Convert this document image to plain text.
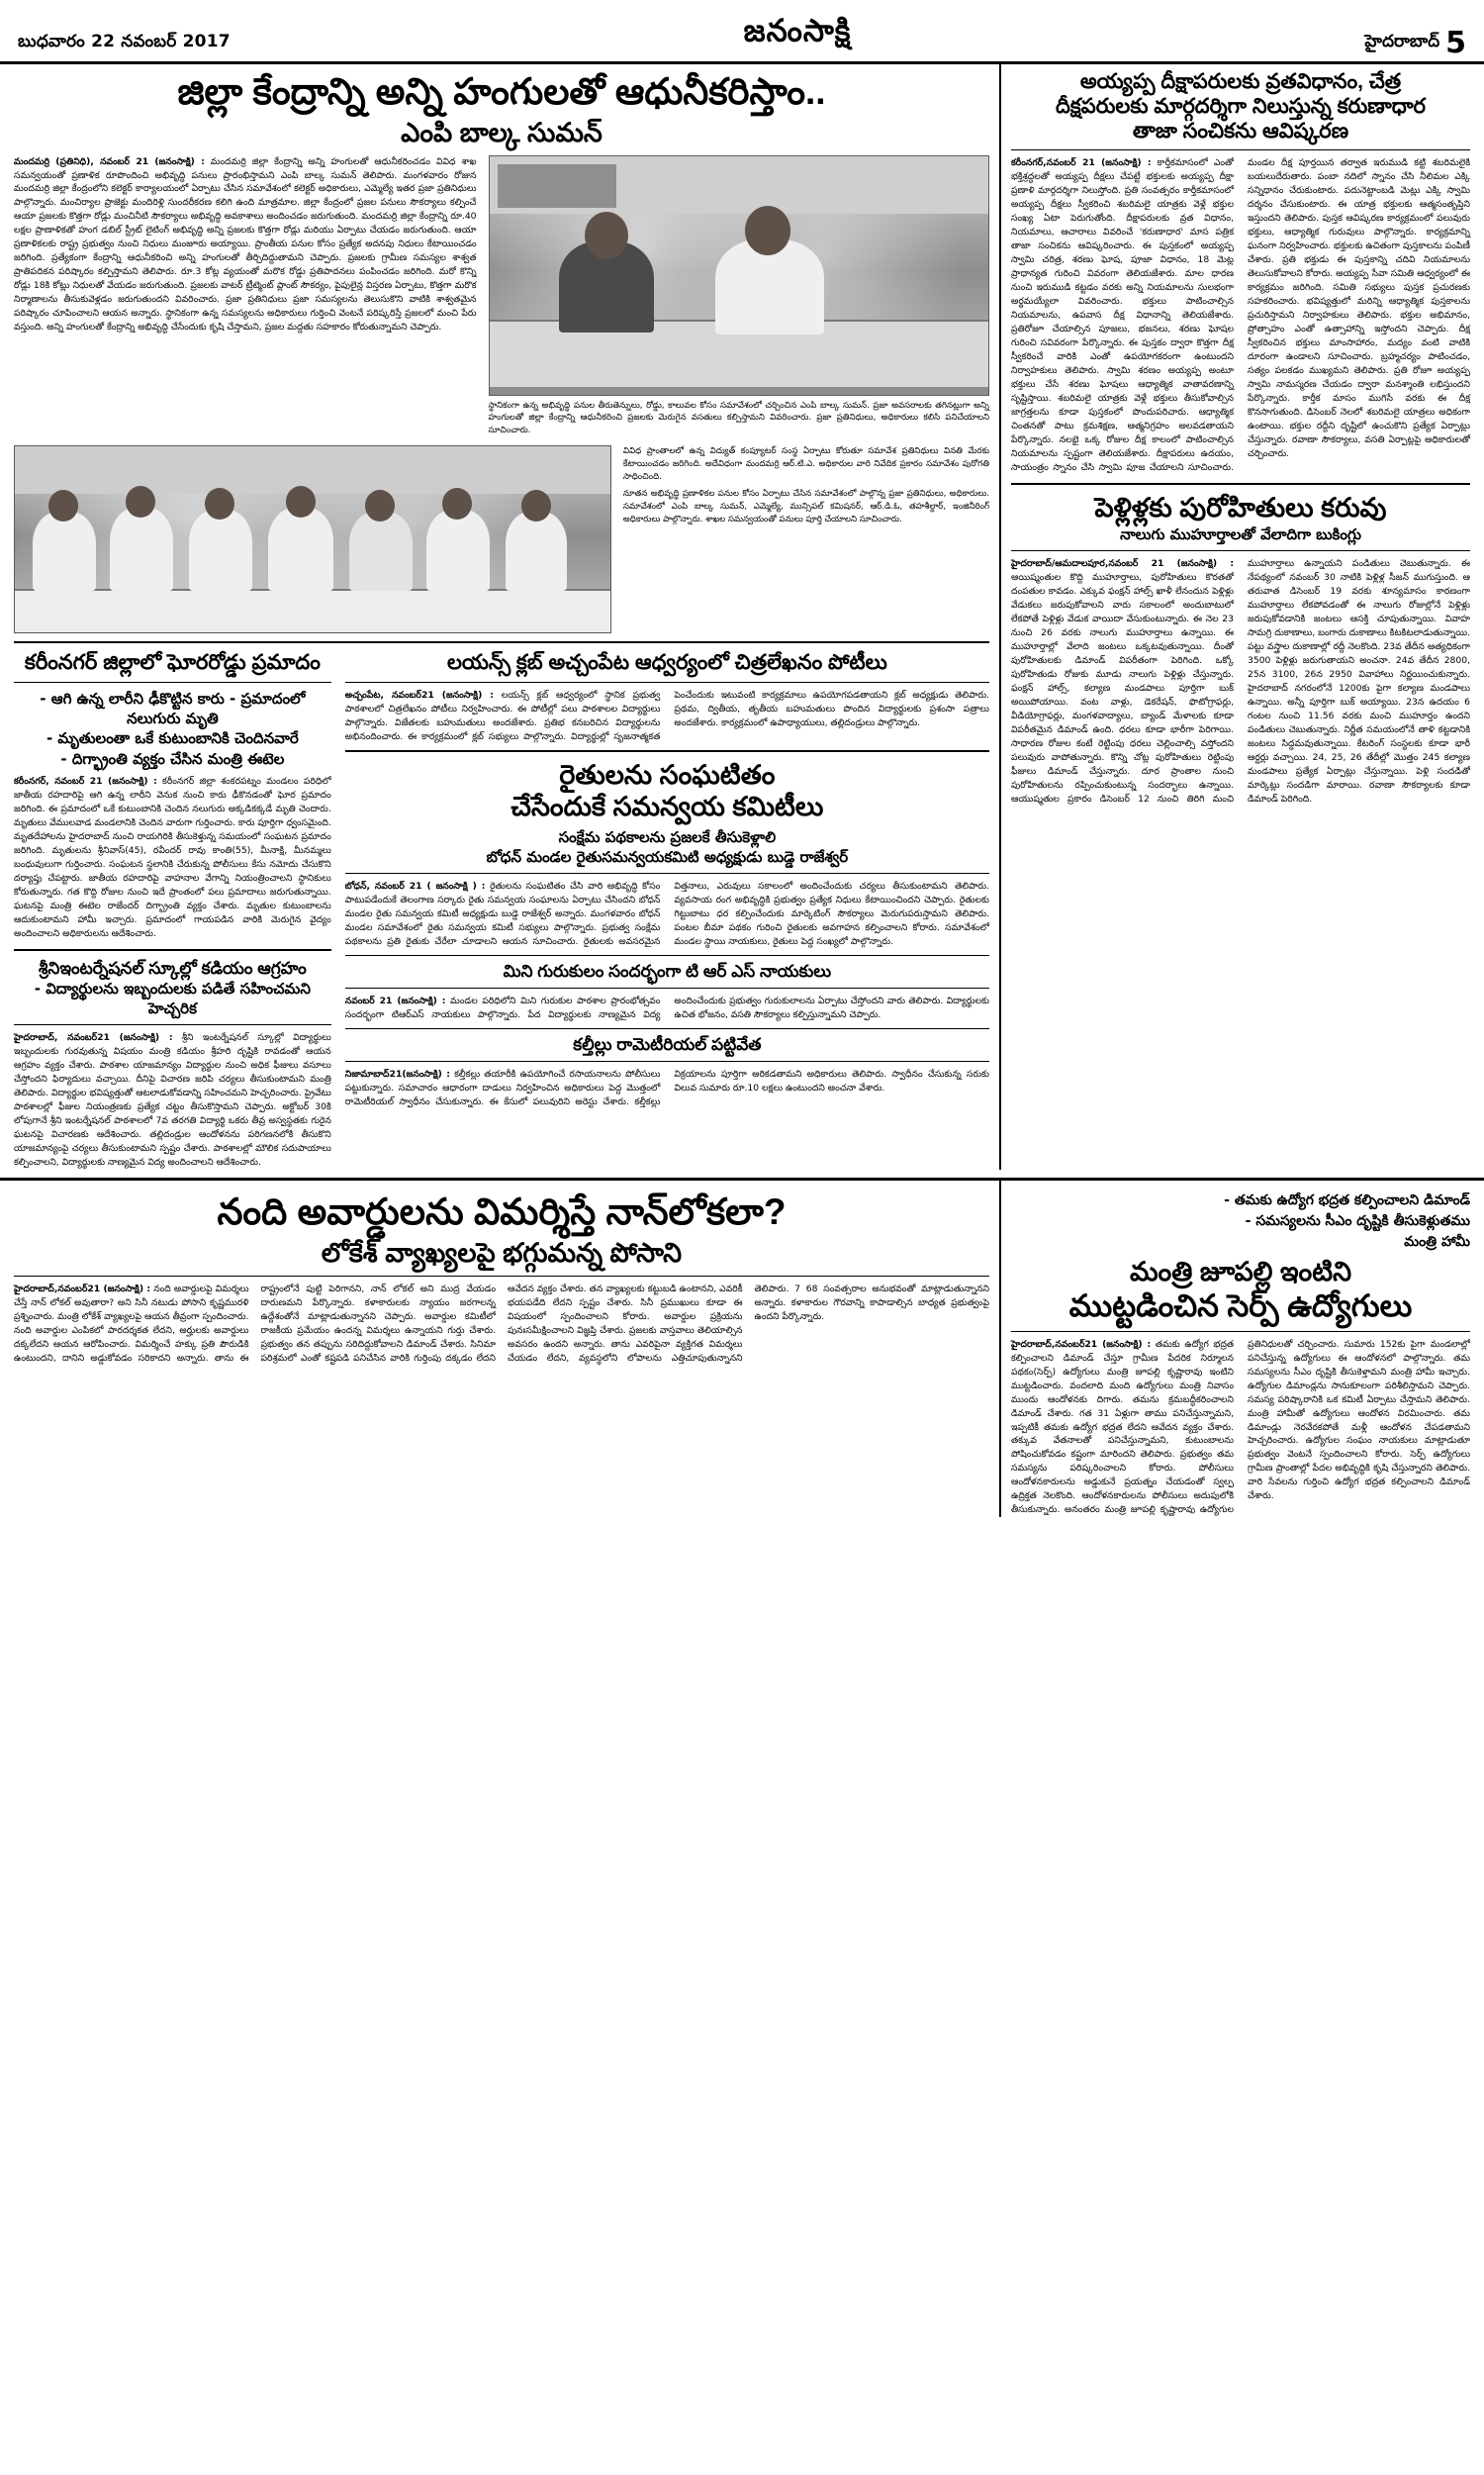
బుధవారం 22 నవంబర్ 2017	జనంసాక్షి	హైదరాబాద్ 5
జిల్లా కేంద్రాన్ని అన్ని హంగులతో ఆధునీకరిస్తాం..
ఎంపి బాల్క సుమన్
మందమర్రి (ప్రతినిధి), నవంబర్ 21 (జనంసాక్షి) : మందమర్రి జిల్లా కేంద్రాన్ని అన్ని హంగులతో ఆధునీకరించడం వివిధ శాఖ సమన్వయంతో ప్రణాళిక రూపొందించి అభివృద్ధి పనులు ప్రారంభిస్తామని ఎంపి బాల్క సుమన్ తెలిపారు. మంగళవారం రోజున మందమర్రి జిల్లా కేంద్రంలోని కలెక్టర్ కార్యాలయంలో ఏర్పాటు చేసిన సమావేశంలో కలెక్టర్ అధికారులు, ఎమ్మెల్యే ఇతర ప్రజా ప్రతినిధులు పాల్గొన్నారు. మంచిర్యాల ప్రాజెక్టు మందిరిళ్లి సుందరీకరణ కలిగి ఉంది మాత్రమాల. జిల్లా కేంద్రంలో ప్రజల పనులు సౌకర్యాలు కల్పించే ఆయా ప్రజలకు కొత్తగా రోడ్లు మంచినీటి సౌకర్యాలు అభివృద్ధి అవకాశాలు అందించడం జరుగుతుంది. మందమర్రి జిల్లా కేంద్రాన్ని రూ.40 లక్షల ప్రాణాళికతో హంగ డబిల్ స్ట్రీట్ లైటింగ్ అభివృద్ధి అన్ని ప్రజలకు కొత్తగా రోడ్లు మరియు ఏర్పాటు చేయడం జరుగుతుంది. ఆయా ప్రణాళికలకు రాష్ట్ర ప్రభుత్వం నుంచి నిధులు మంజూరు అయ్యాయి. ప్రాంతీయ పనుల కోసం ప్రత్యేక అదనపు నిధులు కేటాయించడం జరిగింది. ప్రత్యేకంగా కేంద్రాన్ని ఆధునీకరించి అన్ని హంగులతో తీర్చిదిద్దుతామని చెప్పారు. ప్రజలకు గ్రామీణ సమస్యల శాశ్వత ప్రాతిపదికన పరిష్కారం కల్పిస్తామని తెలిపారు. రూ.3 కోట్ల వ్యయంతో మరొక రోడ్డు ప్రతిపాదనలు పంపించడం జరిగింది. మరో కొన్ని రోడ్లు 18కి కోట్లు నిధులతో వేయడం జరుగుతుంది. ప్రజలకు వాటర్ ట్రీట్మెంట్ ప్లాంట్ సౌకర్యం, పైపులైన్ల విస్తరణ ఏర్పాటు, కొత్తగా మరొక నిర్మాణాలను తీసుకువెళ్లడం జరుగుతుందని వివరించారు. ప్రజా ప్రతినిధులు ప్రజా సమస్యలను తెలుసుకొని వాటికి శాశ్వతమైన పరిష్కారం చూపించాలని ఆయన అన్నారు. స్థానికంగా ఉన్న సమస్యలను అధికారులు గుర్తించి వెంటనే పరిష్కరిస్తే ప్రజలలో మంచి పేరు వస్తుంది. అన్ని హంగులతో కేంద్రాన్ని అభివృద్ధి చేసేందుకు కృషి చేస్తామని, ప్రజల మద్దతు సహకారం కోరుతున్నామని చెప్పారు.
స్థానికంగా ఉన్న అభివృద్ధి పనుల తీరుతెన్నులు, రోడ్డు, కాలువల కోసం సమావేశంలో చర్చించిన ఎంపి బాల్క సుమన్. ప్రజా అవసరాలకు తగినట్లుగా అన్ని హంగులతో జిల్లా కేంద్రాన్ని ఆధునీకరించి ప్రజలకు మెరుగైన వసతులు కల్పిస్తామని వివరించారు. ప్రజా ప్రతినిధులు, అధికారులు కలిసి పనిచేయాలని సూచించారు.
వివిధ ప్రాంతాలలో ఉన్న విద్యుత్ కంప్యూటర్ సంస్థ ఏర్పాటు కోరుతూ సమావేశ ప్రతినిధులు వినతి మేరకు కేటాయించడం జరిగింది. అదేవిధంగా మందమర్రి ఆర్.టి.ఎ. అధికారుల వారి నివేదిక ప్రకారం సమావేశం పురోగతి సాధించింది.
నూతన అభివృద్ధి ప్రణాళికల పనుల కోసం ఏర్పాటు చేసిన సమావేశంలో పాల్గొన్న ప్రజా ప్రతినిధులు, అధికారులు. సమావేశంలో ఎంపి బాల్క సుమన్, ఎమ్మెల్యే, మున్సిపల్ కమిషనర్, ఆర్.డి.ఓ, తహశీల్దార్, ఇంజినీరింగ్ అధికారులు పాల్గొన్నారు. శాఖల సమన్వయంతో పనులు పూర్తి చేయాలని సూచించారు.
కరీంనగర్ జిల్లాలో ఘోరరోడ్డు ప్రమాదం
- ఆగి ఉన్న లారీని ఢీకొట్టిన కారు - ప్రమాదంలో నలుగురు మృతి
- మృతులంతా ఒకే కుటుంబానికి చెందినవారే
- దిగ్భ్రాంతి వ్యక్తం చేసిన మంత్రి ఈటెల
కరీంనగర్, నవంబర్ 21 (జనంసాక్షి) : కరీంనగర్ జిల్లా శంకరపట్నం మండలం పరిధిలో జాతీయ రహదారిపై ఆగి ఉన్న లారీని వెనుక నుంచి కారు ఢీకొనడంతో ఘోర ప్రమాదం జరిగింది. ఈ ప్రమాదంలో ఒకే కుటుంబానికి చెందిన నలుగురు అక్కడికక్కడే మృతి చెందారు. మృతులు వేములవాడ మండలానికి చెందిన వారుగా గుర్తించారు. కారు పూర్తిగా ధ్వంసమైంది. మృతదేహాలను హైదరాబాద్ నుంచి రాయగిరికి తీసుకెళ్తున్న సమయంలో సంఘటన ప్రమాదం జరిగింది. మృతులను శ్రీనివాస్(45), రవీందర్ రావు కాంతి(55), మీనాక్షి, మీనమ్మలు బంధువులుగా గుర్తించారు. సంఘటన స్థలానికి చేరుకున్న పోలీసులు కేసు నమోదు చేసుకొని దర్యాప్తు చేపట్టారు. జాతీయ రహదారిపై వాహనాల వేగాన్ని నియంత్రించాలని స్థానికులు కోరుతున్నారు. గత కొద్ది రోజుల నుంచి ఇదే ప్రాంతంలో పలు ప్రమాదాలు జరుగుతున్నాయి. ఘటనపై మంత్రి ఈటెల రాజేందర్ దిగ్భ్రాంతి వ్యక్తం చేశారు. మృతుల కుటుంబాలను ఆదుకుంటామని హామీ ఇచ్చారు. ప్రమాదంలో గాయపడిన వారికి మెరుగైన వైద్యం అందించాలని అధికారులను ఆదేశించారు.
శ్రీనిఇంటర్నేషనల్ స్కూల్లో కడియం ఆగ్రహం
- విద్యార్థులను ఇబ్బందులకు పడితే సహించమని హెచ్చరిక
హైదరాబాద్, నవంబర్21 (జనంసాక్షి) : శ్రీని ఇంటర్నేషనల్ స్కూల్లో విద్యార్థులు ఇబ్బందులకు గురవుతున్న విషయం మంత్రి కడియం శ్రీహరి దృష్టికి రావడంతో ఆయన ఆగ్రహం వ్యక్తం చేశారు. పాఠశాల యాజమాన్యం విద్యార్థుల నుంచి అధిక ఫీజులు వసూలు చేస్తోందని ఫిర్యాదులు వచ్చాయి. దీనిపై విచారణ జరిపి చర్యలు తీసుకుంటామని మంత్రి తెలిపారు. విద్యార్థుల భవిష్యత్తుతో ఆటలాడుకోవడాన్ని సహించమని హెచ్చరించారు. ప్రైవేటు పాఠశాలల్లో ఫీజుల నియంత్రణకు ప్రత్యేక చట్టం తీసుకొస్తామని చెప్పారు. అక్టోబర్ 30కి లోపుగానే శ్రీని ఇంటర్నేషనల్ పాఠశాలలో 7వ తరగతి విద్యార్థి ఒకరు తీవ్ర అస్వస్థతకు గురైన ఘటనపై విచారణకు ఆదేశించారు. తల్లిదండ్రుల ఆందోళనను పరిగణనలోకి తీసుకొని యాజమాన్యంపై చర్యలు తీసుకుంటామని స్పష్టం చేశారు. పాఠశాలల్లో మౌలిక సదుపాయాలు కల్పించాలని, విద్యార్థులకు నాణ్యమైన విద్య అందించాలని ఆదేశించారు.
లయన్స్ క్లబ్ అచ్చంపేట ఆధ్వర్యంలో చిత్రలేఖనం పోటీలు
అచ్చంపేట, నవంబర్21 (జనంసాక్షి) : లయన్స్ క్లబ్ ఆధ్వర్యంలో స్థానిక ప్రభుత్వ పాఠశాలలో చిత్రలేఖనం పోటీలు నిర్వహించారు. ఈ పోటీల్లో పలు పాఠశాలల విద్యార్థులు పాల్గొన్నారు. విజేతలకు బహుమతులు అందజేశారు. ప్రతిభ కనబరిచిన విద్యార్థులను అభినందించారు. ఈ కార్యక్రమంలో క్లబ్ సభ్యులు పాల్గొన్నారు. విద్యార్థుల్లో సృజనాత్మకత పెంచేందుకు ఇటువంటి కార్యక్రమాలు ఉపయోగపడతాయని క్లబ్ అధ్యక్షుడు తెలిపారు. ప్రథమ, ద్వితీయ, తృతీయ బహుమతులు పొందిన విద్యార్థులకు ప్రశంసా పత్రాలు అందజేశారు. కార్యక్రమంలో ఉపాధ్యాయులు, తల్లిదండ్రులు పాల్గొన్నారు.
రైతులను సంఘటితం
చేసేందుకే సమన్వయ కమిటీలు
సంక్షేమ పథకాలను ప్రజలకే తీసుకెళ్లాలి
బోధన్ మండల రైతుసమన్వయకమిటి అధ్యక్షుడు బుడ్డె రాజేశ్వర్
బోధన్, నవంబర్ 21 ( జనంసాక్షి ) : రైతులను సంఘటితం చేసి వారి అభివృద్ధి కోసం పాటుపడేందుకే తెలంగాణ సర్కారు రైతు సమన్వయ సంఘాలను ఏర్పాటు చేసిందని బోధన్ మండల రైతు సమన్వయ కమిటీ అధ్యక్షుడు బుడ్డె రాజేశ్వర్ అన్నారు. మంగళవారం బోధన్ మండల సమావేశంలో రైతు సమన్వయ కమిటీ సభ్యులు పాల్గొన్నారు. ప్రభుత్వ సంక్షేమ పథకాలను ప్రతి రైతుకు చేరేలా చూడాలని ఆయన సూచించారు. రైతులకు అవసరమైన విత్తనాలు, ఎరువులు సకాలంలో అందించేందుకు చర్యలు తీసుకుంటామని తెలిపారు. వ్యవసాయ రంగ అభివృద్ధికి ప్రభుత్వం ప్రత్యేక నిధులు కేటాయించిందని చెప్పారు. రైతులకు గిట్టుబాటు ధర కల్పించేందుకు మార్కెటింగ్ సౌకర్యాలు మెరుగుపరుస్తామని తెలిపారు. పంటల బీమా పథకం గురించి రైతులకు అవగాహన కల్పించాలని కోరారు. సమావేశంలో మండల స్థాయి నాయకులు, రైతులు పెద్ద సంఖ్యలో పాల్గొన్నారు.
మిని గురుకులం సందర్భంగా టి ఆర్ ఎస్ నాయకులు
నవంబర్ 21 (జనంసాక్షి) : మండల పరిధిలోని మిని గురుకుల పాఠశాల ప్రారంభోత్సవం సందర్భంగా టిఆర్ఎస్ నాయకులు పాల్గొన్నారు. పేద విద్యార్థులకు నాణ్యమైన విద్య అందించేందుకు ప్రభుత్వం గురుకులాలను ఏర్పాటు చేస్తోందని వారు తెలిపారు. విద్యార్థులకు ఉచిత భోజనం, వసతి సౌకర్యాలు కల్పిస్తున్నామని చెప్పారు.
కల్తీల్లు రామెటీరియల్ పట్టివేత
నిజామాబాద్21(జనంసాక్షి) : కల్తీకల్లు తయారీకి ఉపయోగించే రసాయనాలను పోలీసులు పట్టుకున్నారు. సమాచారం ఆధారంగా దాడులు నిర్వహించిన అధికారులు పెద్ద మొత్తంలో రామెటీరియల్ స్వాధీనం చేసుకున్నారు. ఈ కేసులో పలువురిని అరెస్టు చేశారు. కల్తీకల్లు విక్రయాలను పూర్తిగా అరికడతామని అధికారులు తెలిపారు. స్వాధీనం చేసుకున్న సరుకు విలువ సుమారు రూ.10 లక్షలు ఉంటుందని అంచనా వేశారు.
అయ్యప్ప దీక్షాపరులకు వ్రతవిధానం, చేత్ర
దీక్షపరులకు మార్గదర్శిగా నిలుస్తున్న కరుణాధార
తాజా సంచికను ఆవిష్కరణ
కరీంనగర్,నవంబర్ 21 (జనంసాక్షి) : కార్తీకమాసంలో ఎంతో భక్తిశ్రద్ధలతో అయ్యప్ప దీక్షలు చేపట్టే భక్తులకు అయ్యప్ప దీక్షా ప్రణాళి మార్గదర్శిగా నిలుస్తోంది. ప్రతి సంవత్సరం కార్తీకమాసంలో అయ్యప్ప దీక్షలు స్వీకరించి శబరిమలై యాత్రకు వెళ్లే భక్తుల సంఖ్య ఏటా పెరుగుతోంది. దీక్షాపరులకు వ్రత విధానం, నియమాలు, ఆచారాలు వివరించే 'కరుణాధార' మాస పత్రిక తాజా సంచికను ఆవిష్కరించారు. ఈ పుస్తకంలో అయ్యప్ప స్వామి చరిత్ర, శరణు ఘోష, పూజా విధానం, 18 మెట్ల ప్రాధాన్యత గురించి వివరంగా తెలియజేశారు. మాల ధారణ నుంచి ఇరుముడి కట్టడం వరకు అన్ని నియమాలను సులభంగా అర్థమయ్యేలా వివరించారు. భక్తులు పాటించాల్సిన నియమాలను, ఉపవాస దీక్ష విధానాన్ని తెలియజేశారు. ప్రతిరోజూ చేయాల్సిన పూజలు, భజనలు, శరణు ఘోషల గురించి సవివరంగా పేర్కొన్నారు. ఈ పుస్తకం ద్వారా కొత్తగా దీక్ష స్వీకరించే వారికి ఎంతో ఉపయోగకరంగా ఉంటుందని నిర్వాహకులు తెలిపారు. స్వామి శరణం అయ్యప్ప అంటూ భక్తులు చేసే శరణు ఘోషలు ఆధ్యాత్మిక వాతావరణాన్ని సృష్టిస్తాయి. శబరిమలై యాత్రకు వెళ్లే భక్తులు తీసుకోవాల్సిన జాగ్రత్తలను కూడా పుస్తకంలో పొందుపరిచారు. ఆధ్యాత్మిక చింతనతో పాటు క్రమశిక్షణ, ఆత్మనిగ్రహం అలవడతాయని పేర్కొన్నారు. నలభై ఒక్క రోజుల దీక్ష కాలంలో పాటించాల్సిన నియమాలను స్పష్టంగా తెలియజేశారు. దీక్షాపరులు ఉదయం, సాయంత్రం స్నానం చేసి స్వామి పూజ చేయాలని సూచించారు. మండల దీక్ష పూర్తయిన తర్వాత ఇరుముడి కట్టి శబరిమలైకి బయలుదేరుతారు. పంబా నదిలో స్నానం చేసి నీలిమల ఎక్కి సన్నిధానం చేరుకుంటారు. పదునెట్టాంబడి మెట్లు ఎక్కి స్వామి దర్శనం చేసుకుంటారు. ఈ యాత్ర భక్తులకు ఆత్మసంతృప్తిని ఇస్తుందని తెలిపారు. పుస్తక ఆవిష్కరణ కార్యక్రమంలో పలువురు భక్తులు, ఆధ్యాత్మిక గురువులు పాల్గొన్నారు. కార్యక్రమాన్ని ఘనంగా నిర్వహించారు. భక్తులకు ఉచితంగా పుస్తకాలను పంపిణీ చేశారు. ప్రతి భక్తుడు ఈ పుస్తకాన్ని చదివి నియమాలను తెలుసుకోవాలని కోరారు. అయ్యప్ప సేవా సమితి ఆధ్వర్యంలో ఈ కార్యక్రమం జరిగింది. సమితి సభ్యులు పుస్తక ప్రచురణకు సహకరించారు. భవిష్యత్తులో మరిన్ని ఆధ్యాత్మిక పుస్తకాలను ప్రచురిస్తామని నిర్వాహకులు తెలిపారు. భక్తుల అభిమానం, ప్రోత్సాహం ఎంతో ఉత్సాహాన్ని ఇస్తోందని చెప్పారు. దీక్ష స్వీకరించిన భక్తులు మాంసాహారం, మద్యం వంటి వాటికి దూరంగా ఉండాలని సూచించారు. బ్రహ్మచర్యం పాటించడం, సత్యం పలకడం ముఖ్యమని తెలిపారు. ప్రతి రోజూ అయ్యప్ప స్వామి నామస్మరణ చేయడం ద్వారా మనశ్శాంతి లభిస్తుందని పేర్కొన్నారు. కార్తీక మాసం ముగిసే వరకు ఈ దీక్ష కొనసాగుతుంది. డిసెంబర్ నెలలో శబరిమలై యాత్రలు అధికంగా ఉంటాయి. భక్తుల రద్దీని దృష్టిలో ఉంచుకొని ప్రత్యేక ఏర్పాట్లు చేస్తున్నారు. రవాణా సౌకర్యాలు, వసతి ఏర్పాట్లపై అధికారులతో చర్చించారు.
పెళ్లిళ్లకు పురోహితులు కరువు
నాలుగు ముహూర్తాలతో వేలాదిగా బుకింగ్లు
హైదరాబాద్/ఆమదాలపూర,నవంబర్ 21 (జనంసాక్షి) : ఆయిష్మంతుల కొద్ది ముహూర్తాలు, పురోహితులు కొరతతో దంపతుల కావడం. ఎక్కువ ఫంక్షన్ హాల్స్ ఖాళీ లేనందున పెళ్లిళ్లు వేడుకలు జరుపుకోవాలని వారు సకాలంలో అందుబాటులో లేకపోతే పెళ్లిళ్లు వేడుక వాయిదా వేసుకుంటున్నారు. ఈ నెల 23 నుంచి 26 వరకు నాలుగు ముహూర్తాలు ఉన్నాయి. ఈ ముహూర్తాల్లో వేలాది జంటలు ఒక్కటవుతున్నాయి. దీంతో పురోహితులకు డిమాండ్ విపరీతంగా పెరిగింది. ఒక్కో పురోహితుడు రోజుకు మూడు నాలుగు పెళ్లిళ్లు చేస్తున్నారు. ఫంక్షన్ హాల్స్, కల్యాణ మండపాలు పూర్తిగా బుక్ అయిపోయాయి. వంట వాళ్లు, డెకరేషన్, ఫొటోగ్రాఫర్లు, వీడియోగ్రాఫర్లు, మంగళవాద్యాలు, బ్యాండ్ మేళాలకు కూడా విపరీతమైన డిమాండ్ ఉంది. ధరలు కూడా భారీగా పెరిగాయి. సాధారణ రోజుల కంటే రెట్టింపు ధరలు చెల్లించాల్సి వస్తోందని పలువురు వాపోతున్నారు. కొన్ని చోట్ల పురోహితులు రెట్టింపు ఫీజులు డిమాండ్ చేస్తున్నారు. దూర ప్రాంతాల నుంచి పురోహితులను రప్పించుకుంటున్న సందర్భాలు ఉన్నాయి. ఆయుష్మతుల ప్రకారం డిసెంబర్ 12 నుంచి తిరిగి మంచి ముహూర్తాలు ఉన్నాయని పండితులు చెబుతున్నారు. ఈ నేపథ్యంలో నవంబర్ 30 నాటికి పెళ్లిళ్ల సీజన్ ముగుస్తుంది. ఆ తరువాత డిసెంబర్ 19 వరకు శూన్యమాసం కారణంగా ముహూర్తాలు లేకపోవడంతో ఈ నాలుగు రోజుల్లోనే పెళ్లిళ్లు జరుపుకోవడానికి జంటలు ఆసక్తి చూపుతున్నాయి. వివాహ సామగ్రి దుకాణాలు, బంగారు దుకాణాలు కిటకిటలాడుతున్నాయి. పట్టు వస్త్రాల దుకాణాల్లో రద్దీ నెలకొంది. 23వ తేదీన అత్యధికంగా 3500 పెళ్లిళ్లు జరుగుతాయని అంచనా. 24వ తేదీన 2800, 25న 3100, 26న 2950 వివాహాలు నిర్ణయించుకున్నారు. హైదరాబాద్ నగరంలోనే 1200కు పైగా కల్యాణ మండపాలు ఉన్నాయి. అన్నీ పూర్తిగా బుక్ అయ్యాయి. 23న ఉదయం 6 గంటల నుంచి 11.56 వరకు మంచి ముహూర్తం ఉందని పండితులు చెబుతున్నారు. నిర్ణీత సమయంలోనే తాళి కట్టడానికి జంటలు సిద్ధమవుతున్నాయి. కేటరింగ్ సంస్థలకు కూడా భారీ ఆర్డర్లు వచ్చాయి. 24, 25, 26 తేదీల్లో మొత్తం 245 కల్యాణ మండపాలు ప్రత్యేక ఏర్పాట్లు చేస్తున్నాయి. పెళ్లి సందడితో మార్కెట్లు సందడిగా మారాయి. రవాణా సౌకర్యాలకు కూడా డిమాండ్ పెరిగింది.
నంది అవార్డులను విమర్శిస్తే నాన్‌లోకలా?
లోకేశ్ వ్యాఖ్యలపై భగ్గుమన్న పోసాని
హైదరాబాద్,నవంబర్21 (జనంసాక్షి) : నంది అవార్డులపై విమర్శలు చేస్తే నాన్ లోకల్ అవుతారా? అని సినీ నటుడు పోసాని కృష్ణమురళి ప్రశ్నించారు. మంత్రి లోకేశ్ వ్యాఖ్యలపై ఆయన తీవ్రంగా స్పందించారు. నంది అవార్డుల ఎంపికలో పారదర్శకత లేదని, అర్హులకు అవార్డులు దక్కలేదని ఆయన ఆరోపించారు. విమర్శించే హక్కు ప్రతి పౌరుడికి ఉంటుందని, దానిని అడ్డుకోవడం సరికాదని అన్నారు. తాను ఈ రాష్ట్రంలోనే పుట్టి పెరిగానని, నాన్ లోకల్ అని ముద్ర వేయడం దారుణమని పేర్కొన్నారు. కళాకారులకు న్యాయం జరగాలన్న ఉద్దేశంతోనే మాట్లాడుతున్నానని చెప్పారు. అవార్డుల కమిటీలో రాజకీయ ప్రమేయం ఉందన్న విమర్శలు ఉన్నాయని గుర్తు చేశారు. ప్రభుత్వం తన తప్పును సరిదిద్దుకోవాలని డిమాండ్ చేశారు. సినిమా పరిశ్రమలో ఎంతో కష్టపడి పనిచేసిన వారికి గుర్తింపు దక్కడం లేదని ఆవేదన వ్యక్తం చేశారు. తన వ్యాఖ్యలకు కట్టుబడి ఉంటానని, ఎవరికీ భయపడేది లేదని స్పష్టం చేశారు. సినీ ప్రముఖులు కూడా ఈ విషయంలో స్పందించాలని కోరారు. అవార్డుల ప్రక్రియను పునఃసమీక్షించాలని విజ్ఞప్తి చేశారు. ప్రజలకు వాస్తవాలు తెలియాల్సిన అవసరం ఉందని అన్నారు. తాను ఎవరిపైనా వ్యక్తిగత విమర్శలు చేయడం లేదని, వ్యవస్థలోని లోపాలను ఎత్తిచూపుతున్నానని తెలిపారు. 7 68 సంవత్సరాల అనుభవంతో మాట్లాడుతున్నానని అన్నారు. కళాకారుల గౌరవాన్ని కాపాడాల్సిన బాధ్యత ప్రభుత్వంపై ఉందని పేర్కొన్నారు.
- తమకు ఉద్యోగ భద్రత కల్పించాలని డిమాండ్
- సమస్యలను సీఎం దృష్టికి తీసుకెళ్లుతము
మంత్రి హామీ
మంత్రి జూపల్లి ఇంటిని
ముట్టడించిన సెర్ప్ ఉద్యోగులు
హైదరాబాద్,నవంబర్21 (జనంసాక్షి) : తమకు ఉద్యోగ భద్రత కల్పించాలని డిమాండ్ చేస్తూ గ్రామీణ పేదరిక నిర్మూలన పథకం(సెర్ప్) ఉద్యోగులు మంత్రి జూపల్లి కృష్ణారావు ఇంటిని ముట్టడించారు. వందలాది మంది ఉద్యోగులు మంత్రి నివాసం ముందు ఆందోళనకు దిగారు. తమను క్రమబద్ధీకరించాలని డిమాండ్ చేశారు. గత 31 ఏళ్లుగా తాము పనిచేస్తున్నామని, ఇప్పటికీ తమకు ఉద్యోగ భద్రత లేదని ఆవేదన వ్యక్తం చేశారు. తక్కువ వేతనాలతో పనిచేస్తున్నామని, కుటుంబాలను పోషించుకోవడం కష్టంగా మారిందని తెలిపారు. ప్రభుత్వం తమ సమస్యను పరిష్కరించాలని కోరారు. పోలీసులు ఆందోళనకారులను అడ్డుకునే ప్రయత్నం చేయడంతో స్వల్ప ఉద్రిక్తత నెలకొంది. ఆందోళనకారులను పోలీసులు అదుపులోకి తీసుకున్నారు. అనంతరం మంత్రి జూపల్లి కృష్ణారావు ఉద్యోగుల ప్రతినిధులతో చర్చించారు. సుమారు 152కు పైగా మండలాల్లో పనిచేస్తున్న ఉద్యోగులు ఈ ఆందోళనలో పాల్గొన్నారు. తమ సమస్యలను సీఎం దృష్టికి తీసుకెళ్తామని మంత్రి హామీ ఇచ్చారు. ఉద్యోగుల డిమాండ్లను సానుకూలంగా పరిశీలిస్తామని చెప్పారు. సమస్య పరిష్కారానికి ఒక కమిటీ ఏర్పాటు చేస్తామని తెలిపారు. మంత్రి హామీతో ఉద్యోగులు ఆందోళన విరమించారు. తమ డిమాండ్లు నెరవేరకపోతే మళ్లీ ఆందోళన చేపడతామని హెచ్చరించారు. ఉద్యోగుల సంఘం నాయకులు మాట్లాడుతూ ప్రభుత్వం వెంటనే స్పందించాలని కోరారు. సెర్ప్ ఉద్యోగులు గ్రామీణ ప్రాంతాల్లో పేదల అభివృద్ధికి కృషి చేస్తున్నారని తెలిపారు. వారి సేవలను గుర్తించి ఉద్యోగ భద్రత కల్పించాలని డిమాండ్ చేశారు.
